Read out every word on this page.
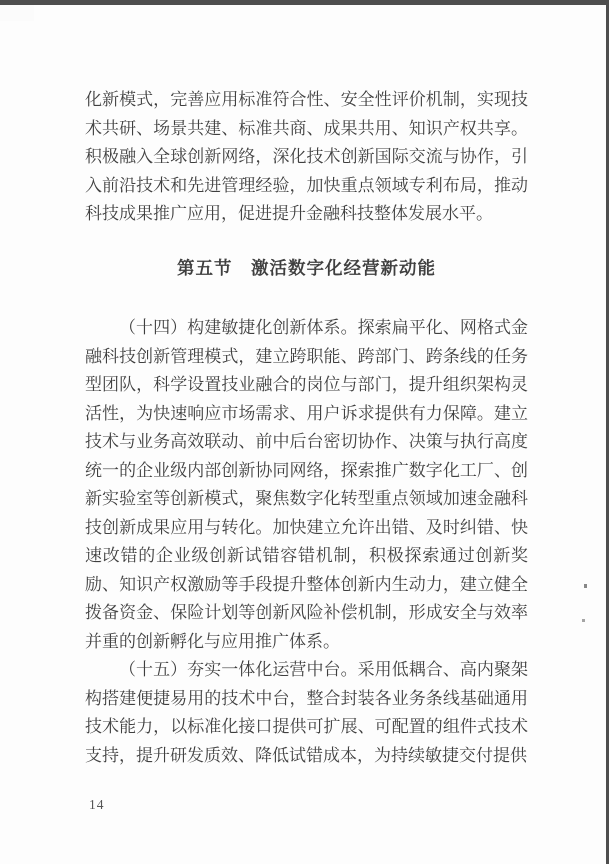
化新模式，完善应用标准符合性、安全性评价机制，实现技术共研、场景共建、标准共商、成果共用、知识产权共享。积极融入全球创新网络，深化技术创新国际交流与协作，引入前沿技术和先进管理经验，加快重点领域专利布局，推动科技成果推广应用，促进提升金融科技整体发展水平。

第五节　激活数字化经营新动能

（十四）构建敏捷化创新体系。探索扁平化、网格式金融科技创新管理模式，建立跨职能、跨部门、跨条线的任务型团队，科学设置技业融合的岗位与部门，提升组织架构灵活性，为快速响应市场需求、用户诉求提供有力保障。建立技术与业务高效联动、前中后台密切协作、决策与执行高度统一的企业级内部创新协同网络，探索推广数字化工厂、创新实验室等创新模式，聚焦数字化转型重点领域加速金融科技创新成果应用与转化。加快建立允许出错、及时纠错、快速改错的企业级创新试错容错机制，积极探索通过创新奖励、知识产权激励等手段提升整体创新内生动力，建立健全拨备资金、保险计划等创新风险补偿机制，形成安全与效率并重的创新孵化与应用推广体系。

（十五）夯实一体化运营中台。采用低耦合、高内聚架构搭建便捷易用的技术中台，整合封装各业务条线基础通用技术能力，以标准化接口提供可扩展、可配置的组件式技术支持，提升研发质效、降低试错成本，为持续敏捷交付提供

14
